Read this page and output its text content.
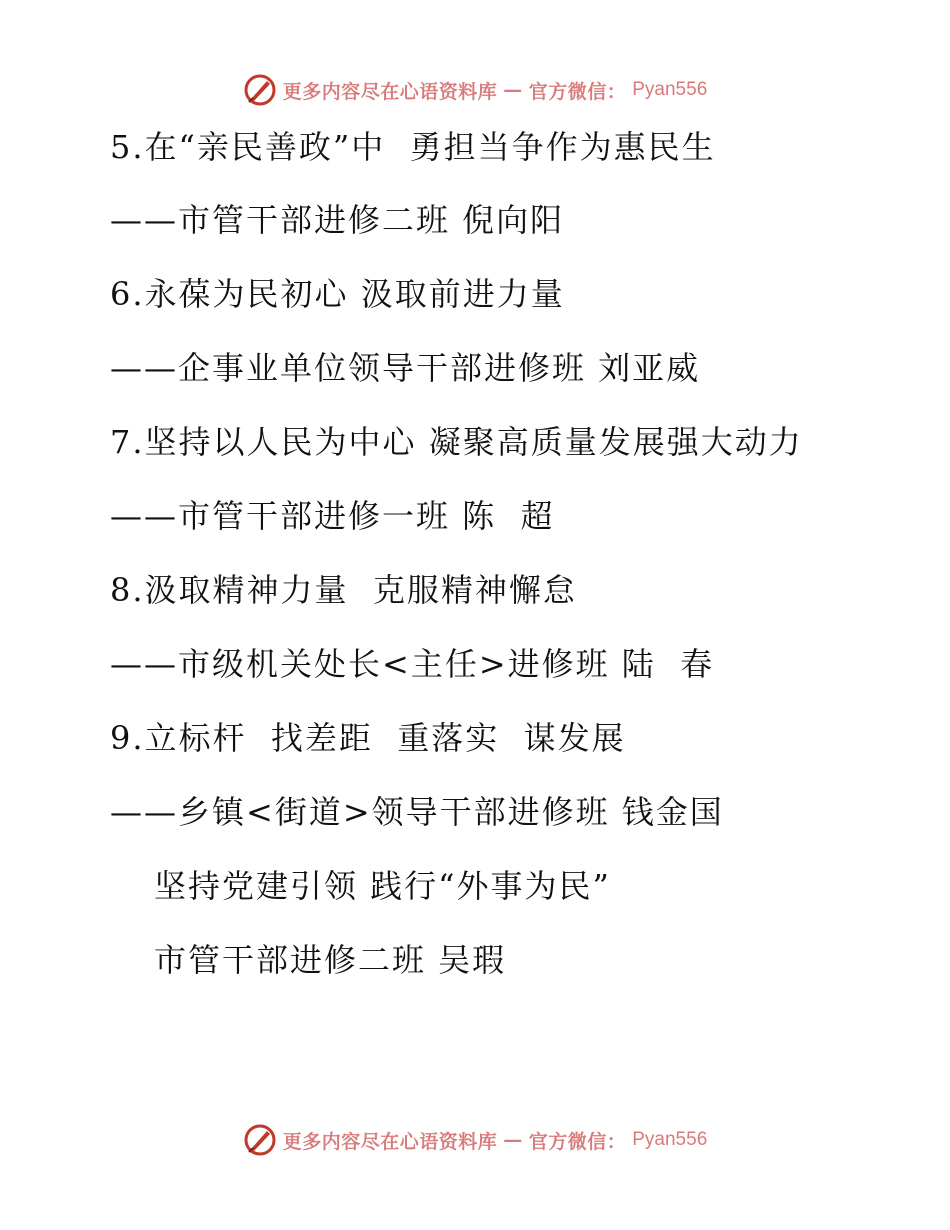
更多内容尽在心语资料库 — 官方微信： Pyan556
5.在“亲民善政”中  勇担当争作为惠民生
——市管干部进修二班 倪向阳
6.永葆为民初心 汲取前进力量
——企事业单位领导干部进修班 刘亚威
7.坚持以人民为中心 凝聚高质量发展强大动力
——市管干部进修一班 陈  超
8.汲取精神力量  克服精神懈怠
——市级机关处长<主任>进修班 陆  春
9.立标杆  找差距  重落实  谋发展
——乡镇<街道>领导干部进修班 钱金国
坚持党建引领 践行“外事为民”
市管干部进修二班 吴瑕
更多内容尽在心语资料库 — 官方微信： Pyan556
